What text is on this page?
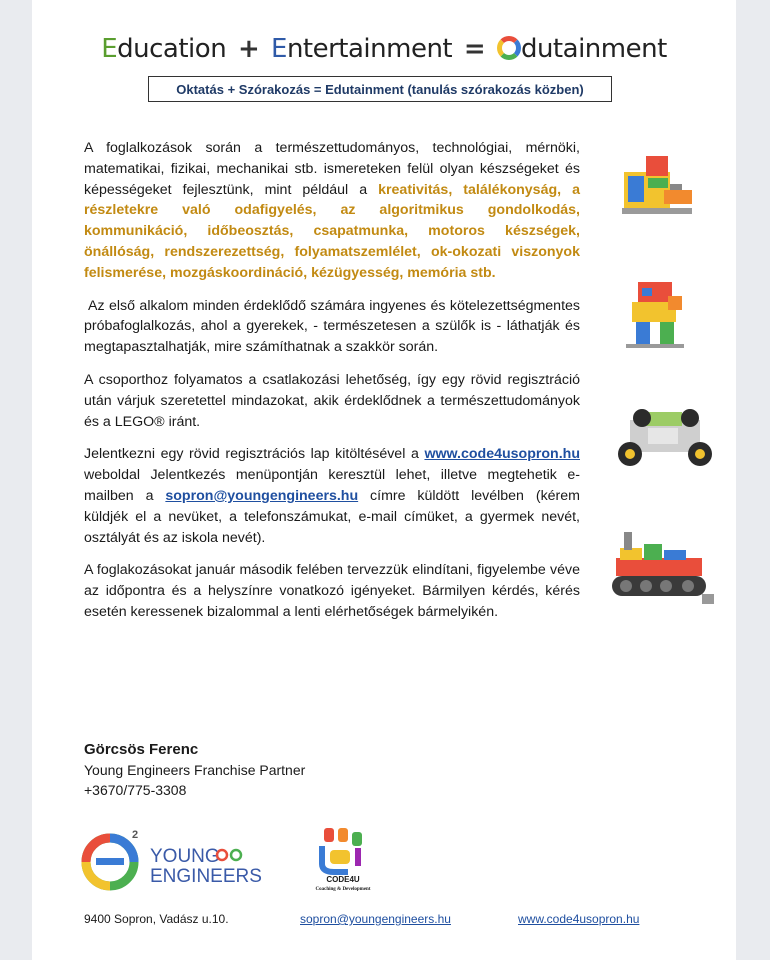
Education + Entertainment = dutainment
Oktatás + Szórakozás = Edutainment (tanulás szórakozás közben)

A foglalkozások során a természettudományos, technológiai, mérnöki, matematikai, fizikai, mechanikai stb. ismereteken felül olyan készségeket és képességeket fejlesztünk, mint például a kreativitás, találékonyság, a részletekre való odafigyelés, az algoritmikus gondolkodás, kommunikáció, időbeosztás, csapatmunka, motoros készségek, önállóság, rendszerezettség, folyamatszemlélet, ok-okozati viszonyok felismerése, mozgáskoordináció, kézügyesség, memória stb.

Az első alkalom minden érdeklődő számára ingyenes és kötelezettségmentes próbafoglalkozás, ahol a gyerekek, - természetesen a szülők is - láthatják és megtapasztalhatják, mire számíthatnak a szakkör során.

A csoporthoz folyamatos a csatlakozási lehetőség, így egy rövid regisztráció után várjuk szeretettel mindazokat, akik érdeklődnek a természettudományok és a LEGO® iránt.

Jelentkezni egy rövid regisztrációs lap kitöltésével a www.code4usopron.hu weboldal Jelentkezés menüpontján keresztül lehet, illetve megtehetik e-mailben a sopron@youngengineers.hu címre küldött levélben (kérem küldjék el a nevüket, a telefonszámukat, e-mail címüket, a gyermek nevét, osztályát és az iskola nevét).

A foglakozásokat január második felében tervezzük elindítani, figyelembe véve az időpontra és a helyszínre vonatkozó igényeket. Bármilyen kérdés, kérés esetén keressenek bizalommal a lenti elérhetőségek bármelyikén.

Görcsös Ferenc
Young Engineers Franchise Partner
+3670/775-3308
2
YOUNG
ENGINEERS	CODE4U
Coaching & Development
9400 Sopron, Vadász u.10.	sopron@youngengineers.hu	www.code4usopron.hu
